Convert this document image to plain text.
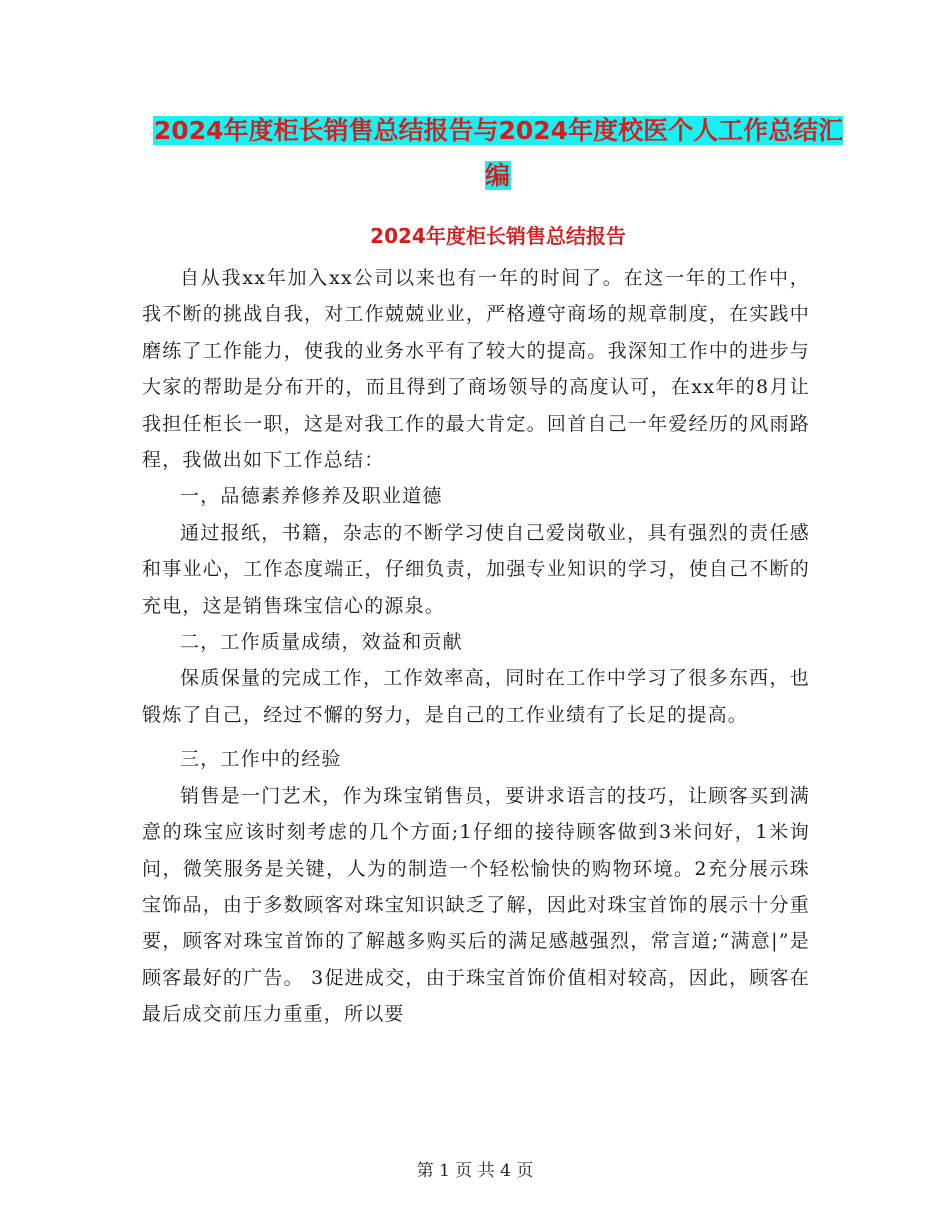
2024年度柜长销售总结报告与2024年度校医个人工作总结汇编
2024年度柜长销售总结报告

自从我xx年加入xx公司以来也有一年的时间了。在这一年的工作中，我不断的挑战自我，对工作兢兢业业，严格遵守商场的规章制度，在实践中磨练了工作能力，使我的业务水平有了较大的提高。我深知工作中的进步与大家的帮助是分布开的，而且得到了商场领导的高度认可，在xx年的8月让我担任柜长一职，这是对我工作的最大肯定。回首自己一年爱经历的风雨路程，我做出如下工作总结：

一，品德素养修养及职业道德

通过报纸，书籍，杂志的不断学习使自己爱岗敬业，具有强烈的责任感和事业心，工作态度端正，仔细负责，加强专业知识的学习，使自己不断的充电，这是销售珠宝信心的源泉。

二，工作质量成绩，效益和贡献

保质保量的完成工作，工作效率高，同时在工作中学习了很多东西，也锻炼了自己，经过不懈的努力，是自己的工作业绩有了长足的提高。

三，工作中的经验

销售是一门艺术，作为珠宝销售员，要讲求语言的技巧，让顾客买到满意的珠宝应该时刻考虑的几个方面;1仔细的接待顾客做到3米问好，1米询问，微笑服务是关键，人为的制造一个轻松愉快的购物环境。2充分展示珠宝饰品，由于多数顾客对珠宝知识缺乏了解，因此对珠宝首饰的展示十分重要，顾客对珠宝首饰的了解越多购买后的满足感越强烈，常言道;“满意|”是顾客最好的广告。 3促进成交，由于珠宝首饰价值相对较高，因此，顾客在最后成交前压力重重，所以要

第 1 页 共 4 页
